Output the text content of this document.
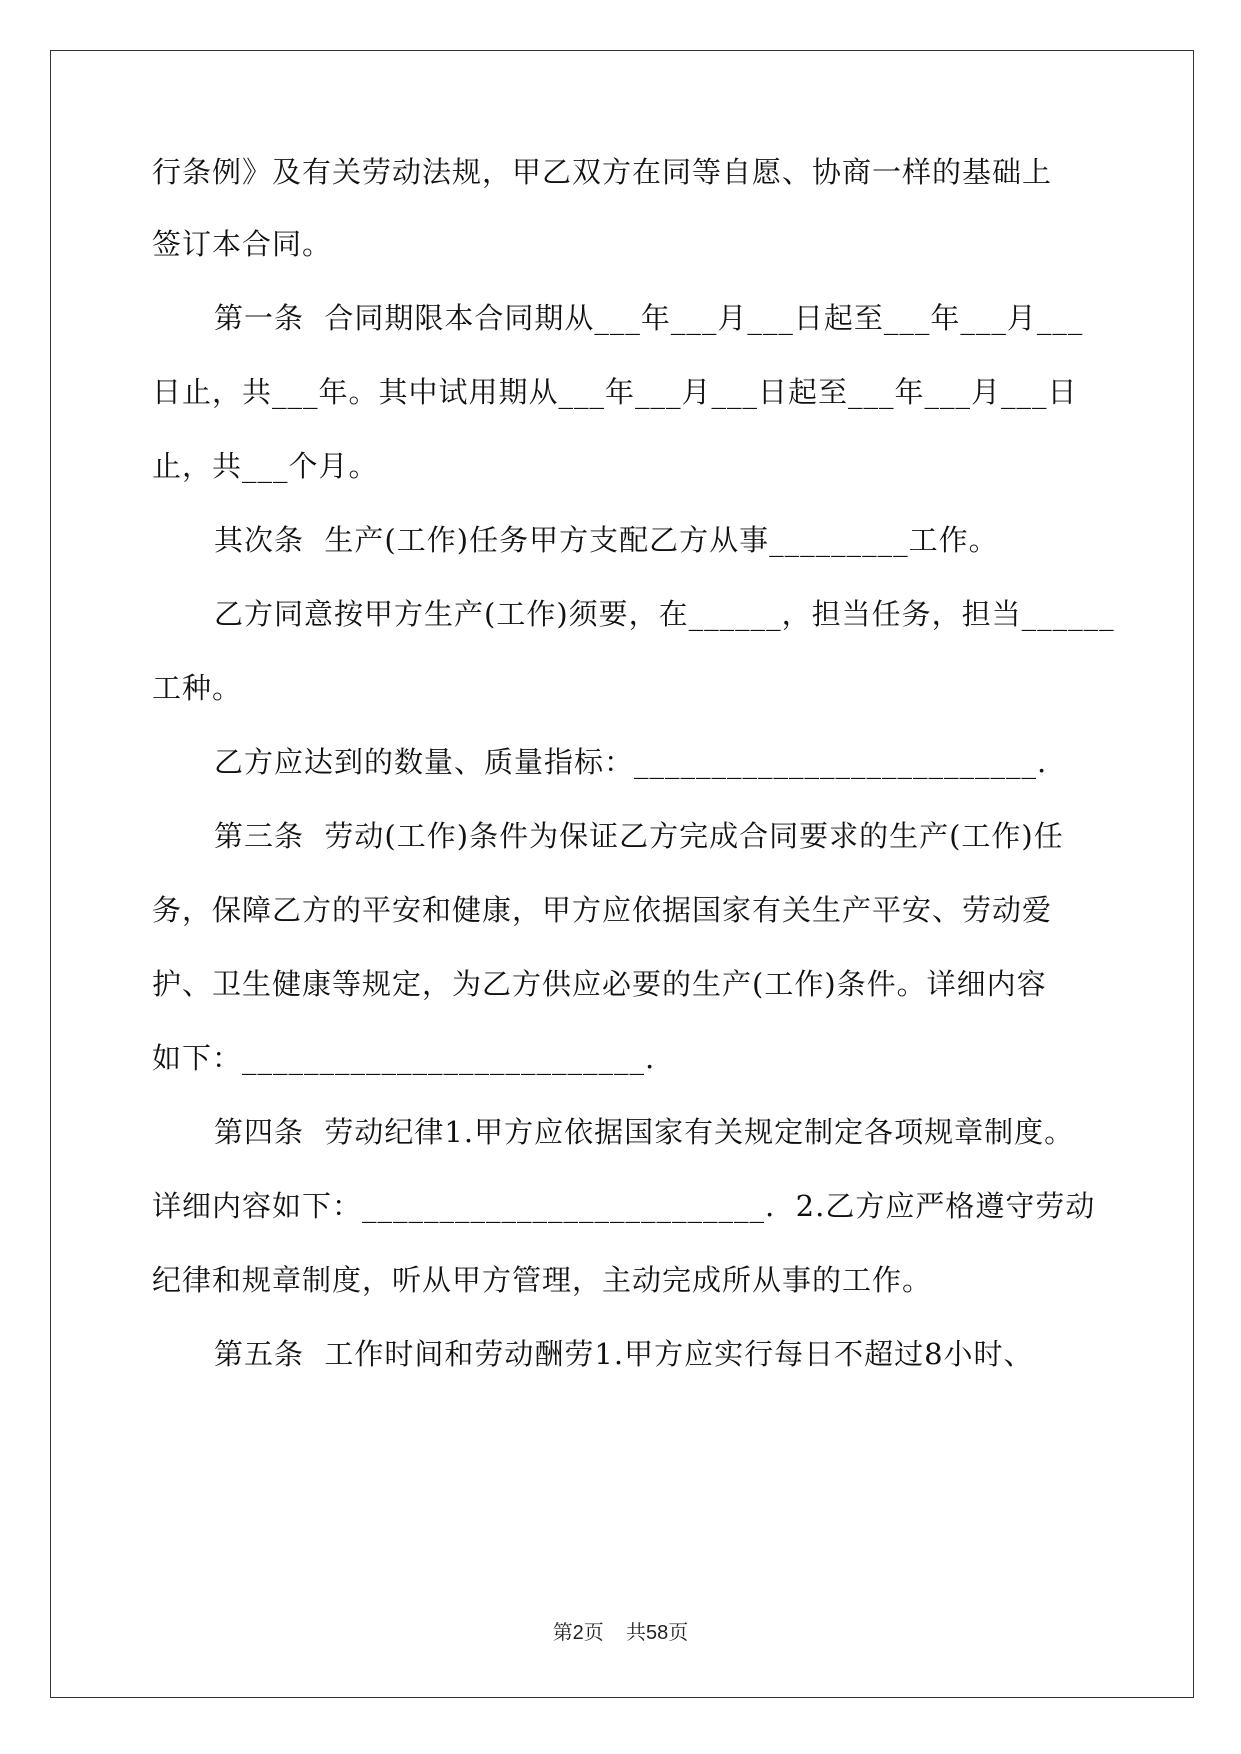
行条例》及有关劳动法规，甲乙双方在同等自愿、协商一样的基础上
签订本合同。
第一条  合同期限本合同期从___年___月___日起至___年___月___
日止，共___年。其中试用期从___年___月___日起至___年___月___日
止，共___个月。
其次条  生产(工作)任务甲方支配乙方从事_________工作。
乙方同意按甲方生产(工作)须要，在______，担当任务，担当______
工种。
乙方应达到的数量、质量指标：__________________________.
第三条  劳动(工作)条件为保证乙方完成合同要求的生产(工作)任
务，保障乙方的平安和健康，甲方应依据国家有关生产平安、劳动爱
护、卫生健康等规定，为乙方供应必要的生产(工作)条件。详细内容
如下：__________________________.
第四条  劳动纪律1.甲方应依据国家有关规定制定各项规章制度。
详细内容如下：__________________________.  2.乙方应严格遵守劳动
纪律和规章制度，听从甲方管理，主动完成所从事的工作。
第五条  工作时间和劳动酬劳1.甲方应实行每日不超过8小时、
第2页    共58页
